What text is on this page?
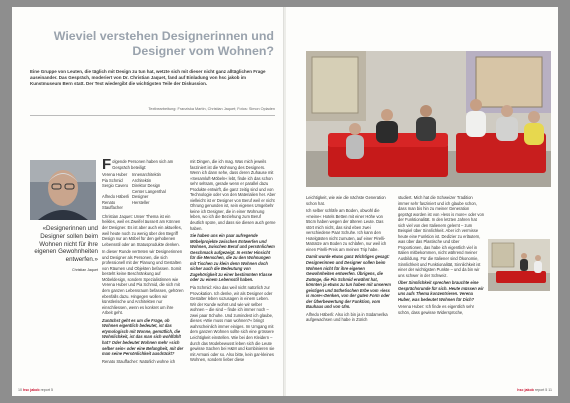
Wieviel verstehen Designerinnen und Designer vom Wohnen?
Eine Gruppe von Leuten, die täglich mit Design zu tun hat, wetzte sich mit dieser nicht ganz alltäglichen Frage auseinander. Das Gespräch, moderiert von Dr. Christian Jaquet, fand auf Einladung von hsc jakob im Kunstmuseum Bern statt. Der Text wiedergibt die wichtigsten Teile der Diskussion.
Textbearbeitung: Franziska Martin, Christian Jaquet; Fotos: Simon Opladen
«Designerinnen und Designer sollen beim Wohnen nicht für ihre eigenen Gewohnheiten entwerfen.»
Christian Jaquet

Folgende Personen haben sich am Gespräch beteiligt:

Verena Huber	Innenarchitektin
Pia Schmid	Architektin
Sergio Cavero Direktor Design
Center Langenthal
Alfredo Häberli Designer
Renato Stauffacher
Hersteller

Christian Jaquet: Unser Thema ist ein heikles, weil es Zweifel äussert am Können der Designer. Es ist aber auch ein aktuelles, weil heute noch zu wenig über den Begriff Design nur an Möbel für den gehobenen Lebensstil oder an Statusprodukte denken.

In dieser Runde vertreten wir Designerinnen und Designer als Personen, die sich professionell mit der Planung und Gestalten von Räumen und Objekten befassen. Somit besteht keine Beschränkung auf Möbeldesign, sondern Spezialistinnen wie Verena Huber und Pia Schmid, die sich mit dem ganzen Lebensraum befassen, gehören ebenfalls dazu. Hingegen wollen wir künstlerische und Architekten nur einschliessen, wenn es konkret um ihre Arbeit geht.

Zunächst geht es um die Frage, ob Wohnen eigentlich bedeutet, ist das etymologisch mit Wonne, gemütlich, die Wohnlichkeit, ist das man sich wohlfühlt hat? Oder bedeutet Wohnen mehr »sich selber sein« oder eine Befangheit, mit der man seine Persönlichkeit ausdrückt?

Renato Stauffacher: Natürlich wohne ich

mit Dingen, die ich mag. Was mich jeweils fasziniert ist die Wohnung des Designers. Wenn ich dann sehe, dass deren Zuhause mit »Sesamluft-Möbeln« lebt, finde ich das schon sehr seltsam, gerade wenn er parallel dazu Produkte entwirft, die ganz zeitig sind und von Technologie oder von den Materialien her. Aber vielleicht ist er Designer von Beruf weil er nicht Ohrung genunden ist, sein eigenes Umgebehr keine ich Designer, die in einer Wohnung leben, wo ich die Beziehung zum Beruf deutlich spüre, und dass sie diesen auch gerne haben.

Sie haben uns ein paar aufregende Möbelprojekte zwischen Entwerfen und Wohnen, zwischen Beruf und persönlichem Geschmack aufgezeigt. In erster Hinsicht für die Menschen, die zu den Wohnungen mit Tischen zu klein denn Wohnen doch sicher auch die Bedeutung von Zugehörigkeit zu einer bestimmten Klasse oder zu einem Lebensstil haben.

Pia Schmid: Also das weil nicht natürlich zur Provokation. Ich denke, wir als Designer oder Gestalter leben sozusagen in einem Leben. Wir der Kunde wohnt und wie wir selber wohnen – die sind – finde ich immer noch – zwei paar Schuhe. Und zumindest ich glaube, dieses »Wie muss man wohnen?« bringt wahrscheinlich immer einiges. Im Umgang mit dem ganzen Wohnen sollte sich eine grössere Leichtigkeit einstellen. Wie bei den Kleidern – durch das Modebewusst leben sich die Leute gewisse Sachen bei H&M und kombinieren sie mit Armani oder so. Also bitte, kein gar-kleines Wohnen, sondern lieber diese

10 hsc jakob report 5

Leichtigkeit, wie wie die nächste Generation schon hat.

Ich selber schläfe am Boden, obwohl die »meine« Hotels Betten mit einer Höhe von 55cm haben wegen der älteren Leute. Das stört mich nicht, das sind eben zwei verschiedene Paar Schuhe. Ich kann den Hotelgästen nicht zumuten, auf einer Pirelli-Matratze am Boden zu schlafen, nur weil ich einen Pirelli-Preis am meinen Trip habe.

Damit wurde etwas ganz Wichtiges gesagt: Designerinnen und Designer sollen beim Wohnen nicht für ihre eigenen Gewohnheiten entwerfen. Übrigens, die Zwänge, die Pia Schmid erwähnt hat, könnten ja etwas zu tun haben mit unserem geistigen und ästhetischen Erbe vom »less is more«-Denken, von der guten Form oder der Überbewertung der Funktion, vom Bauhaus und von Ulm.

Alfredo Häberli: Also ich bin ja in Südamerika aufgewachsen und habe in Zürich

studiert. Mich hat die Schweizer Tradition immer sehr fasziniert und ich glaube schon, dass man bis hin zu meiner Generation geprägt worden ist von »less is more« oder von der Funktionalität. In den letzten Jahren hat sich viel von den Italienern gelernt – zum Beispiel über Sinnlichkeit. Aber ich vermisse heute eine Funktion ist. Dedizier zu erläutern, was über das Plastische und über Proportionen, das habe ich eigentlich viel in Italien mitbekommen, nicht während meiner Ausbildung. Für die Italiener sind Ökonomie, Sinnlichkeit und Funktionalität, Sinnlichkeit ist einer der wichtigsten Punkte – und da bin wir uns schwer in der Schweiz.

Über Sinnlichkeit sprechen brauchte eine Gesprächsrunde für sich. Heute müssen wir uns aufs Thema konzentrieren. Verena Huber, was bedeutet Wohnen für Dich?

Verena Huber: Ich finde es eigentlich sehr schön, dass gewisse Widersprüche,

hsc jakob report 5 11
